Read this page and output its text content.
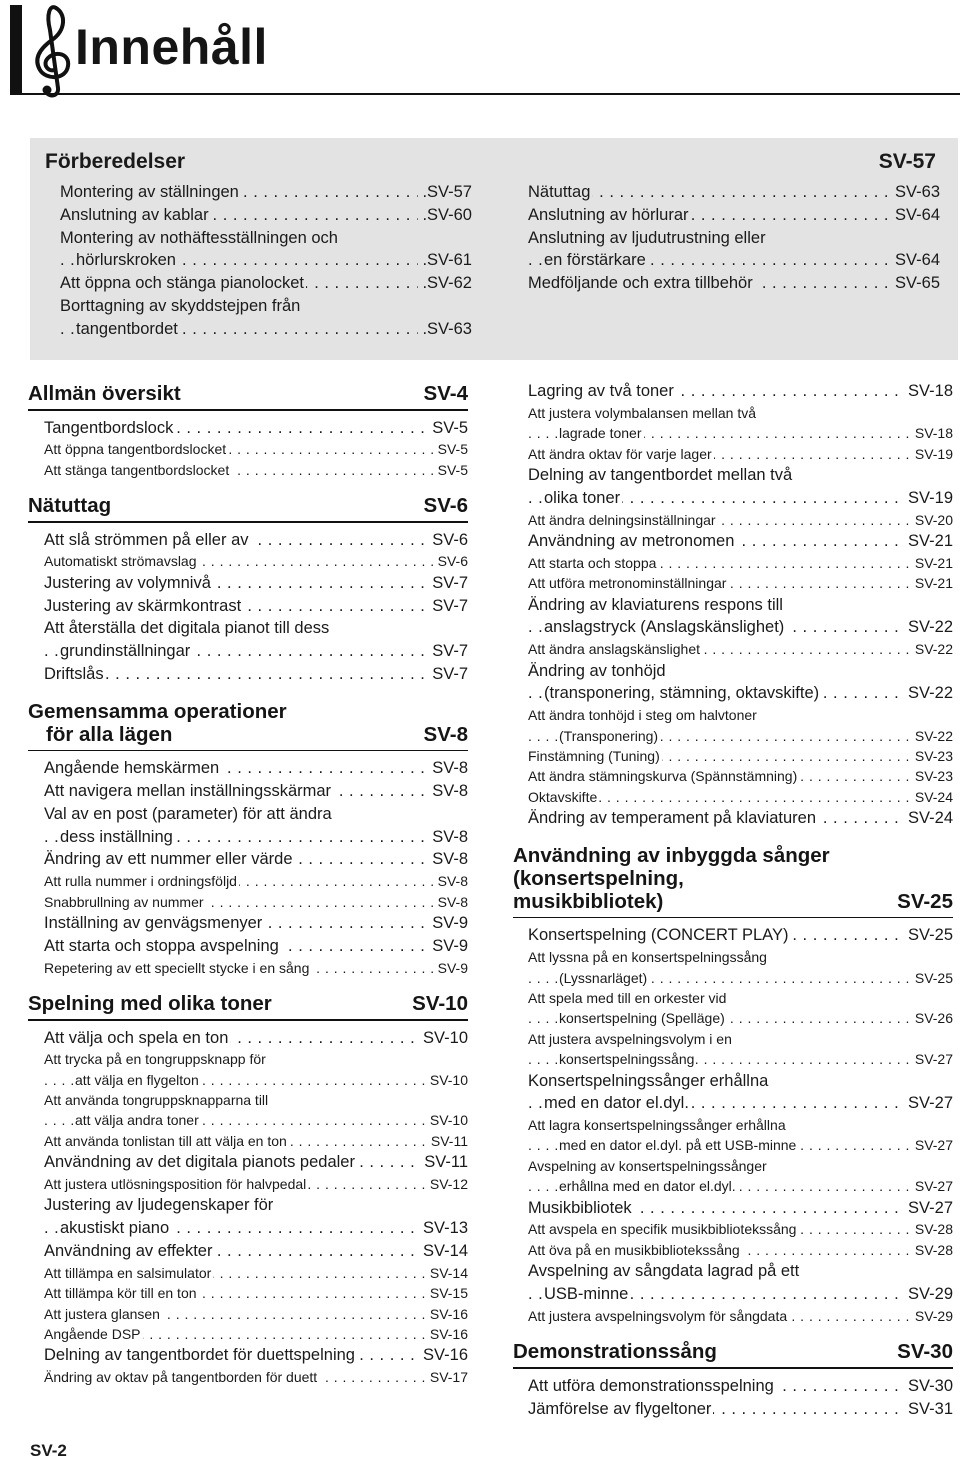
Innehåll
Förberedelser	SV-57
. . .
Montering av ställningen	.SV-57
. . .
Anslutning av kablar	.SV-60
Montering av nothäftesställningen och
. . .
hörlurskroken	.SV-61
. . .
Att öppna och stänga pianolocket	.SV-62
Borttagning av skyddstejpen från
. . .
tangentbordet	.SV-63
. . .
Nätuttag	SV-63
. . .
Anslutning av hörlurar	SV-64
Anslutning av ljudutrustning eller
. . .
en förstärkare	SV-64
. . .
Medföljande och extra tillbehör	SV-65
Allmän översikt	SV-4
. . .
Tangentbordslock	SV-5
. . .
Att öppna tangentbordslocket	SV-5
. . .
Att stänga tangentbordslocket	SV-5
Nätuttag	SV-6
. . .
Att slå strömmen på eller av	SV-6
. . .
Automatiskt strömavslag	SV-6
. . .
Justering av volymnivå	SV-7
. . .
Justering av skärmkontrast	SV-7
Att återställa det digitala pianot till dess
. . .
grundinställningar	SV-7
. . .
Driftslås	SV-7
Gemensamma operationer
för alla lägen	SV-8
. . .
Angående hemskärmen	SV-8
. . .
Att navigera mellan inställningsskärmar	SV-8
Val av en post (parameter) för att ändra
. . .
dess inställning	SV-8
. . .
Ändring av ett nummer eller värde	SV-8
. . .
Att rulla nummer i ordningsföljd	SV-8
. . .
Snabbrullning av nummer	SV-8
. . .
Inställning av genvägsmenyer	SV-9
. . .
Att starta och stoppa avspelning	SV-9
. . .
Repetering av ett speciellt stycke i en sång	SV-9
Spelning med olika toner	SV-10
. . .
Att välja och spela en ton	SV-10
Att trycka på en tongruppsknapp för
. . .
att välja en flygelton	SV-10
Att använda tongruppsknapparna till
. . .
att välja andra toner	SV-10
. . .
Att använda tonlistan till att välja en ton	SV-11
. . .
Användning av det digitala pianots pedaler	SV-11
. . .
Att justera utlösningsposition för halvpedal	SV-12
Justering av ljudegenskaper för
. . .
akustiskt piano	SV-13
. . .
Användning av effekter	SV-14
. . .
Att tillämpa en salsimulator	SV-14
. . .
Att tillämpa kör till en ton	SV-15
. . .
Att justera glansen	SV-16
. . .
Angående DSP	SV-16
. . .
Delning av tangentbordet för duettspelning	SV-16
. . .
Ändring av oktav på tangentborden för duett	SV-17
. . .
Lagring av två toner	SV-18
Att justera volymbalansen mellan två
. . .
lagrade toner	SV-18
. . .
Att ändra oktav för varje lager	SV-19
Delning av tangentbordet mellan två
. . .
olika toner	SV-19
. . .
Att ändra delningsinställningar	SV-20
. . .
Användning av metronomen	SV-21
. . .
Att starta och stoppa	SV-21
. . .
Att utföra metronominställningar	SV-21
Ändring av klaviaturens respons till
. . .
anslagstryck (Anslagskänslighet)	SV-22
. . .
Att ändra anslagskänslighet	SV-22
Ändring av tonhöjd
. . .
(transponering, stämning, oktavskifte)	SV-22
Att ändra tonhöjd i steg om halvtoner
. . .
(Transponering)	SV-22
. . .
Finstämning (Tuning)	SV-23
. . .
Att ändra stämningskurva (Spännstämning)	SV-23
. . .
Oktavskifte	SV-24
. . .
Ändring av temperament på klaviaturen	SV-24
Användning av inbyggda sånger
(konsertspelning,
musikbibliotek)	SV-25
. . .
Konsertspelning (CONCERT PLAY)	SV-25
Att lyssna på en konsertspelningssång
. . .
(Lyssnarläget)	SV-25
Att spela med till en orkester vid
. . .
konsertspelning (Spelläge)	SV-26
Att justera avspelningsvolym i en
. . .
konsertspelningssång	SV-27
Konsertspelningssånger erhållna
. . .
med en dator el.dyl.	SV-27
Att lagra konsertspelningssånger erhållna
. . .
med en dator el.dyl. på ett USB-minne	SV-27
Avspelning av konsertspelningssånger
. . .
erhållna med en dator el.dyl.	SV-27
. . .
Musikbibliotek	SV-27
. . .
Att avspela en specifik musikbibliotekssång	SV-28
. . .
Att öva på en musikbibliotekssång	SV-28
Avspelning av sångdata lagrad på ett
. . .
USB-minne	SV-29
. . .
Att justera avspelningsvolym för sångdata	SV-29
Demonstrationssång	SV-30
. . .
Att utföra demonstrationsspelning	SV-30
. . .
Jämförelse av flygeltoner	SV-31
SV-2
